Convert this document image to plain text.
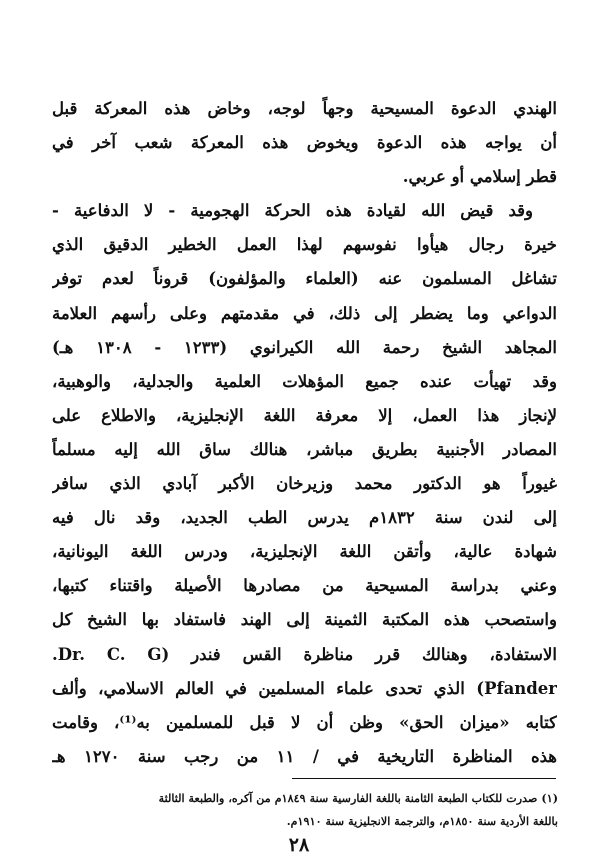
الهندي الدعوة المسيحية وجهاً لوجه، وخاض هذه المعركة قبل
أن يواجه هذه الدعوة ويخوض هذه المعركة شعب آخر في
قطر إسلامي أو عربي.
وقد قيض الله لقيادة هذه الحركة الهجومية - لا الدفاعية -
خيرة رجال هيأوا نفوسهم لهذا العمل الخطير الدقيق الذي
تشاغل المسلمون عنه (العلماء والمؤلفون) قروناً لعدم توفر
الدواعي وما يضطر إلى ذلك، في مقدمتهم وعلى رأسهم العلامة
المجاهد الشيخ رحمة الله الكيرانوي (١٢٣٣ - ١٣٠٨ هـ)
وقد تهيأت عنده جميع المؤهلات العلمية والجدلية، والوهبية،
لإنجاز هذا العمل، إلا معرفة اللغة الإنجليزية، والاطلاع على
المصادر الأجنبية بطريق مباشر، هنالك ساق الله إليه مسلماً
غيوراً هو الدكتور محمد وزيرخان الأكبر آبادي الذي سافر
إلى لندن سنة ١٨٣٢م يدرس الطب الجديد، وقد نال فيه
شهادة عالية، وأتقن اللغة الإنجليزية، ودرس اللغة اليونانية،
وعني بدراسة المسيحية من مصادرها الأصيلة واقتناء كتبها،
واستصحب هذه المكتبة الثمينة إلى الهند فاستفاد بها الشيخ كل
الاستفادة، وهنالك قرر مناظرة القس فندر (Dr. C. G.
Pfander) الذي تحدى علماء المسلمين في العالم الاسلامي، وألف
كتابه «ميزان الحق» وظن أن لا قبل للمسلمين به⁽¹⁾، وقامت
هذه المناظرة التاريخية في / ١١ من رجب سنة ١٢٧٠ هـ
(١) صدرت للكتاب الطبعة الثامنة باللغة الفارسية سنة ١٨٤٩م من آكره، والطبعة الثالثة
باللغة الأردية سنة ١٨٥٠م، والترجمة الانجليزية سنة ١٩١٠م.
٢٨
